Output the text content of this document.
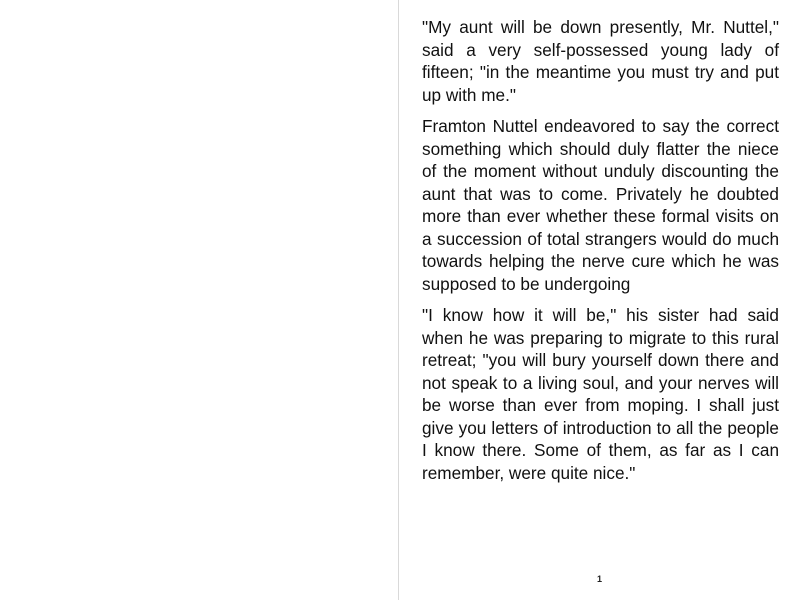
"My aunt will be down presently, Mr. Nuttel," said a very self-possessed young lady of fifteen; "in the meantime you must try and put up with me."

Framton Nuttel endeavored to say the correct something which should duly flatter the niece of the moment without unduly discounting the aunt that was to come. Privately he doubted more than ever whether these formal visits on a succession of total strangers would do much towards helping the nerve cure which he was supposed to be undergoing

"I know how it will be," his sister had said when he was preparing to migrate to this rural retreat; "you will bury yourself down there and not speak to a living soul, and your nerves will be worse than ever from moping. I shall just give you letters of introduction to all the people I know there. Some of them, as far as I can remember, were quite nice."

1
